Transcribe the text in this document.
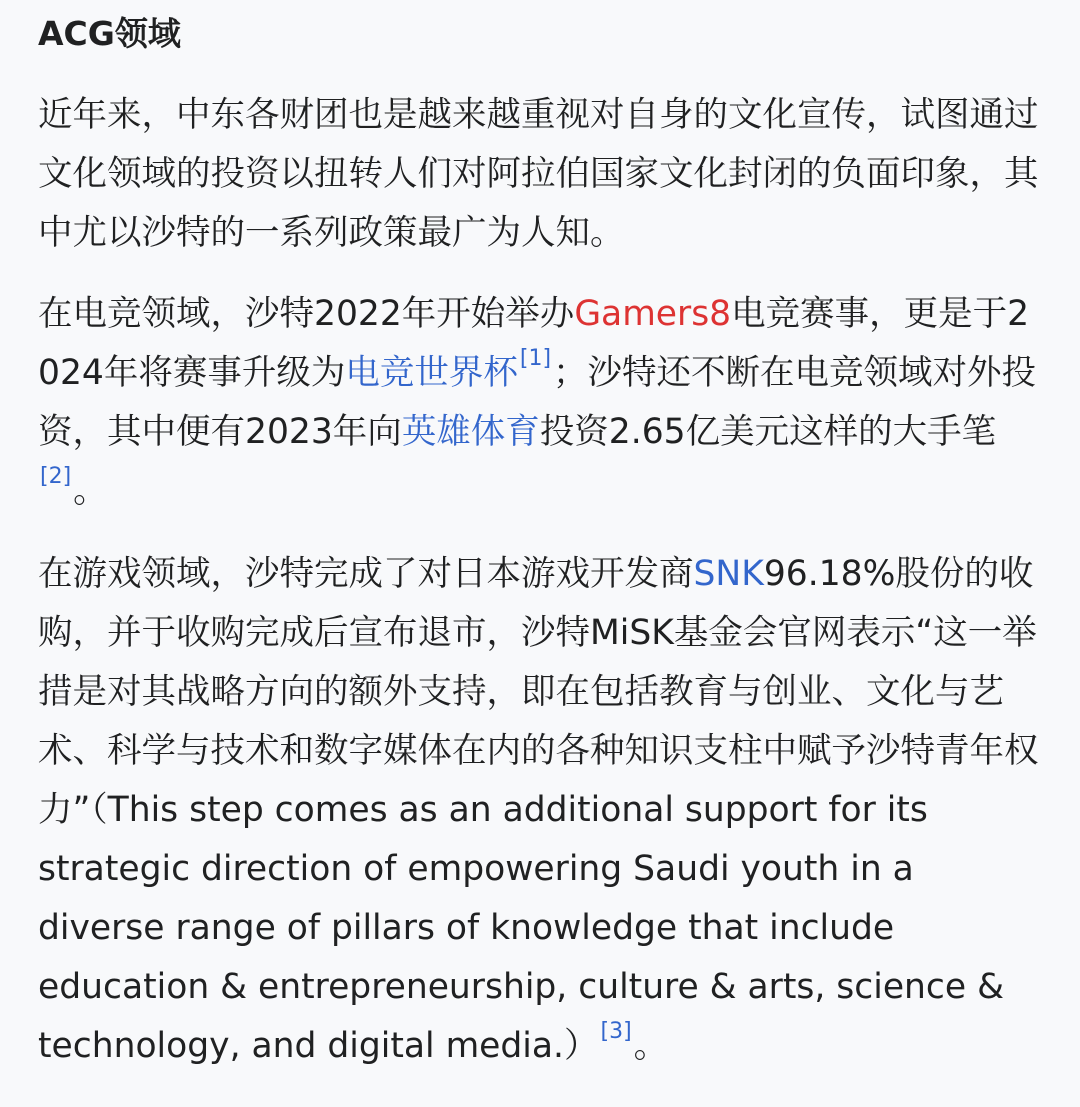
ACG领域

近年来，中东各财团也是越来越重视对自身的文化宣传，试图通过文化领域的投资以扭转人们对阿拉伯国家文化封闭的负面印象，其中尤以沙特的一系列政策最广为人知。

在电竞领域，沙特2022年开始举办Gamers8电竞赛事，更是于2024年将赛事升级为电竞世界杯[1]；沙特还不断在电竞领域对外投资，其中便有2023年向英雄体育投资2.65亿美元这样的大手笔[2]。

在游戏领域，沙特完成了对日本游戏开发商SNK96.18%股份的收购，并于收购完成后宣布退市，沙特MiSK基金会官网表示“这一举措是对其战略方向的额外支持，即在包括教育与创业、文化与艺术、科学与技术和数字媒体在内的各种知识支柱中赋予沙特青年权力”（This step comes as an additional support for its strategic direction of empowering Saudi youth in a diverse range of pillars of knowledge that include education & entrepreneurship, culture & arts, science & technology, and digital media.）[3]。
